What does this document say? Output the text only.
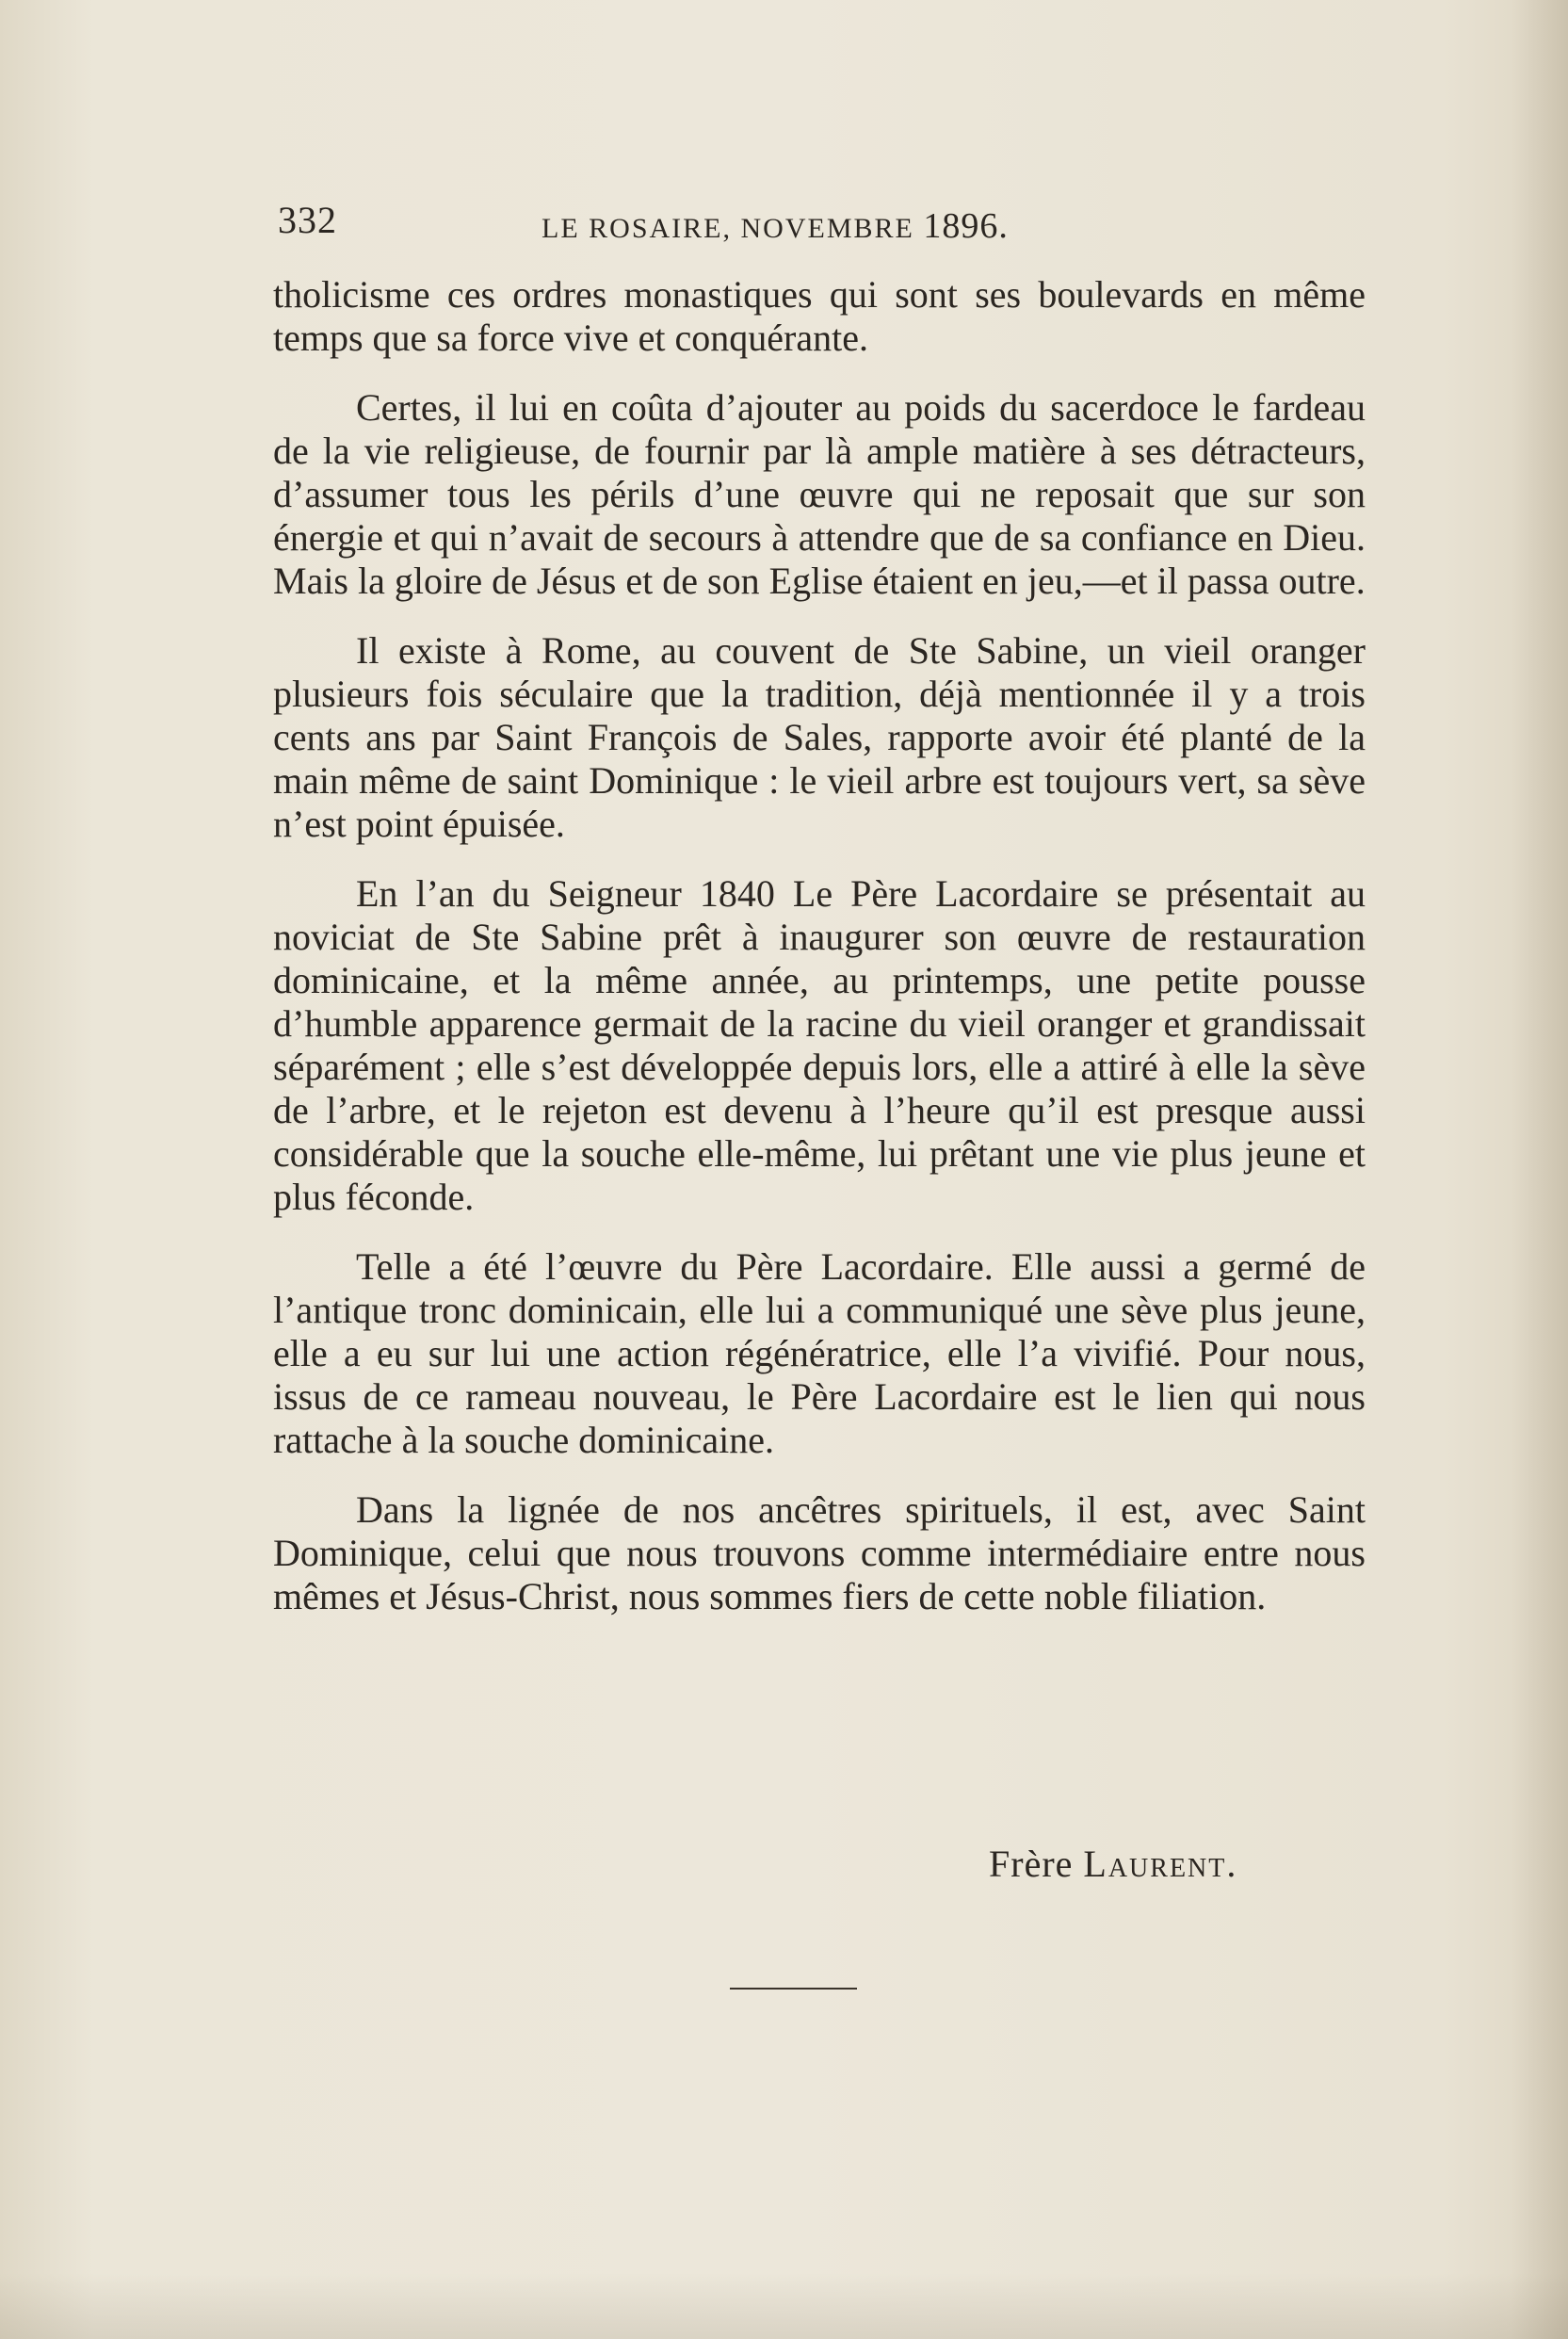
332	LE ROSAIRE, NOVEMBRE 1896.

tholicisme ces ordres monastiques qui sont ses boulevards en même temps que sa force vive et conquérante.

Certes, il lui en coûta d’ajouter au poids du sacerdoce le fardeau de la vie religieuse, de fournir par là ample matière à ses détracteurs, d’assumer tous les périls d’une œuvre qui ne reposait que sur son énergie et qui n’avait de secours à attendre que de sa confiance en Dieu. Mais la gloire de Jésus et de son Eglise étaient en jeu,—et il passa outre.

Il existe à Rome, au couvent de Ste Sabine, un vieil oranger plusieurs fois séculaire que la tradition, déjà mentionnée il y a trois cents ans par Saint François de Sales, rapporte avoir été planté de la main même de saint Dominique : le vieil arbre est toujours vert, sa sève n’est point épuisée.

En l’an du Seigneur 1840 Le Père Lacordaire se présentait au noviciat de Ste Sabine prêt à inaugurer son œuvre de restauration dominicaine, et la même année, au printemps, une petite pousse d’humble apparence germait de la racine du vieil oranger et grandissait séparément ; elle s’est développée depuis lors, elle a attiré à elle la sève de l’arbre, et le rejeton est devenu à l’heure qu’il est presque aussi considérable que la souche elle-même, lui prêtant une vie plus jeune et plus féconde.

Telle a été l’œuvre du Père Lacordaire. Elle aussi a germé de l’antique tronc dominicain, elle lui a communiqué une sève plus jeune, elle a eu sur lui une action régénératrice, elle l’a vivifié. Pour nous, issus de ce rameau nouveau, le Père Lacordaire est le lien qui nous rattache à la souche dominicaine.

Dans la lignée de nos ancêtres spirituels, il est, avec Saint Dominique, celui que nous trouvons comme intermédiaire entre nous mêmes et Jésus-Christ, nous sommes fiers de cette noble filiation.

Frère Laurent.
